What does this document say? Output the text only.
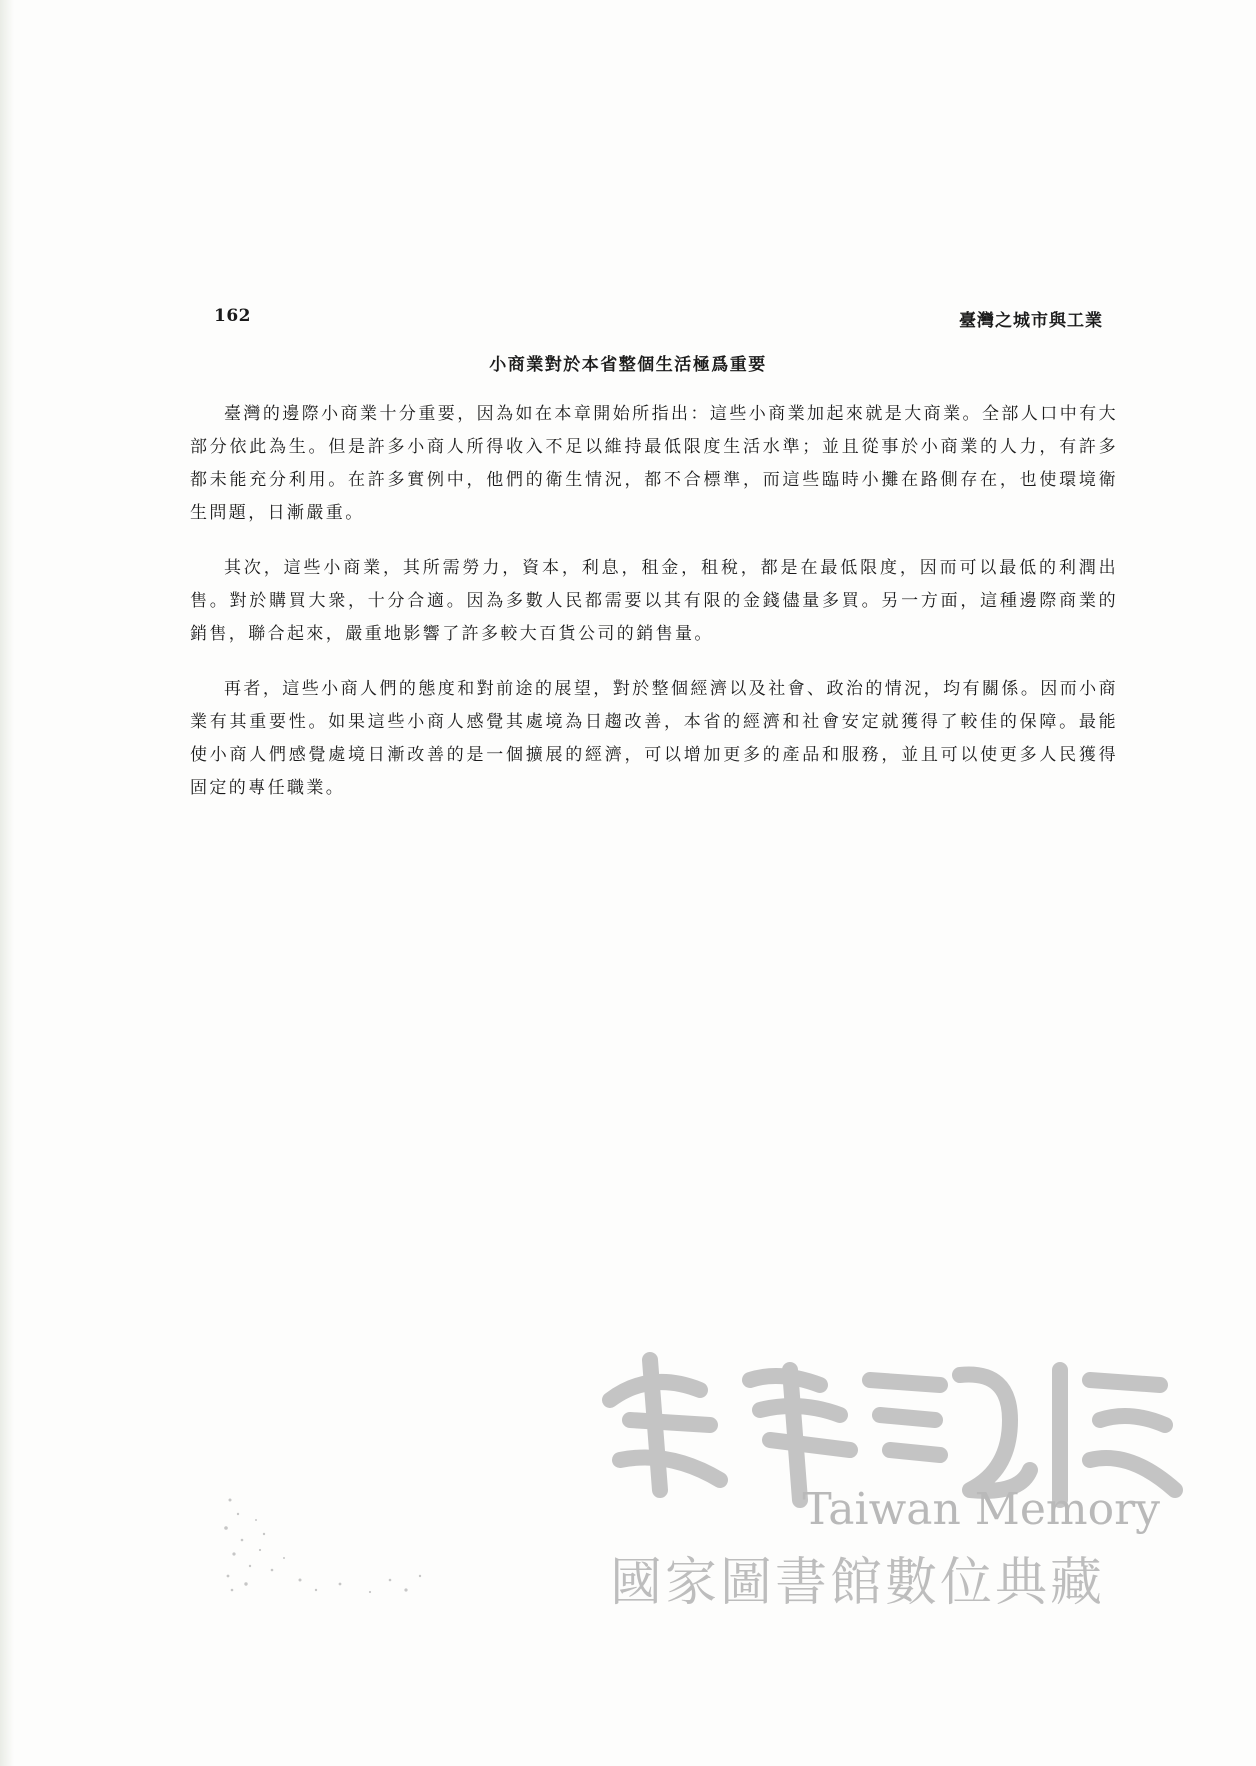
162	臺灣之城市與工業
小商業對於本省整個生活極爲重要

臺灣的邊際小商業十分重要，因為如在本章開始所指出：這些小商業加起來就是大商業。全部人口中有大部分依此為生。但是許多小商人所得收入不足以維持最低限度生活水準；並且從事於小商業的人力，有許多都未能充分利用。在許多實例中，他們的衛生情況，都不合標準，而這些臨時小攤在路側存在，也使環境衛生問題，日漸嚴重。

其次，這些小商業，其所需勞力，資本，利息，租金，租稅，都是在最低限度，因而可以最低的利潤出售。對於購買大衆，十分合適。因為多數人民都需要以其有限的金錢儘量多買。另一方面，這種邊際商業的銷售，聯合起來，嚴重地影響了許多較大百貨公司的銷售量。

再者，這些小商人們的態度和對前途的展望，對於整個經濟以及社會、政治的情況，均有關係。因而小商業有其重要性。如果這些小商人感覺其處境為日趨改善，本省的經濟和社會安定就獲得了較佳的保障。最能使小商人們感覺處境日漸改善的是一個擴展的經濟，可以增加更多的產品和服務，並且可以使更多人民獲得固定的專任職業。

Taiwan Memory
國家圖書館數位典藏
